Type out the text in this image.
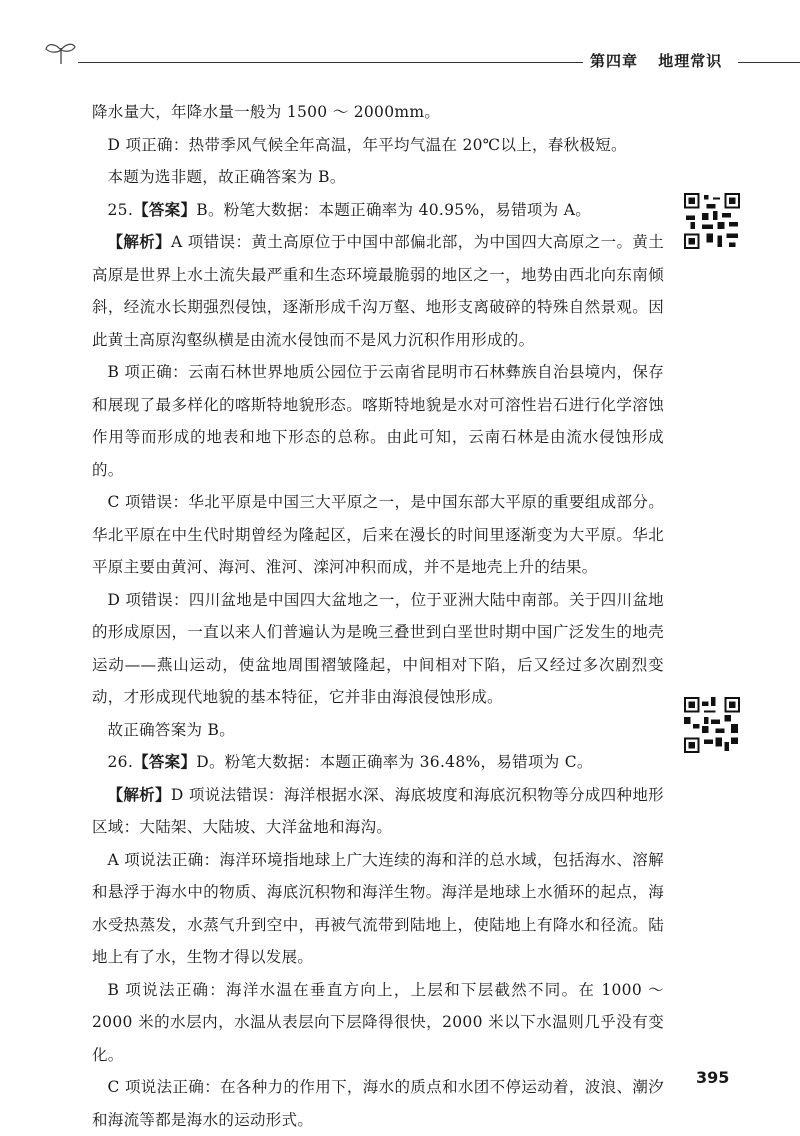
第四章 地理常识

降水量大，年降水量一般为 1500 ～ 2000mm。

D 项正确：热带季风气候全年高温，年平均气温在 20℃以上，春秋极短。

本题为选非题，故正确答案为 B。

25.【答案】B。粉笔大数据：本题正确率为 40.95%，易错项为 A。

【解析】A 项错误：黄土高原位于中国中部偏北部，为中国四大高原之一。黄土高原是世界上水土流失最严重和生态环境最脆弱的地区之一，地势由西北向东南倾斜，经流水长期强烈侵蚀，逐渐形成千沟万壑、地形支离破碎的特殊自然景观。因此黄土高原沟壑纵横是由流水侵蚀而不是风力沉积作用形成的。

B 项正确：云南石林世界地质公园位于云南省昆明市石林彝族自治县境内，保存和展现了最多样化的喀斯特地貌形态。喀斯特地貌是水对可溶性岩石进行化学溶蚀作用等而形成的地表和地下形态的总称。由此可知，云南石林是由流水侵蚀形成的。

C 项错误：华北平原是中国三大平原之一，是中国东部大平原的重要组成部分。华北平原在中生代时期曾经为隆起区，后来在漫长的时间里逐渐变为大平原。华北平原主要由黄河、海河、淮河、滦河冲积而成，并不是地壳上升的结果。

D 项错误：四川盆地是中国四大盆地之一，位于亚洲大陆中南部。关于四川盆地的形成原因，一直以来人们普遍认为是晚三叠世到白垩世时期中国广泛发生的地壳运动——燕山运动，使盆地周围褶皱隆起，中间相对下陷，后又经过多次剧烈变动，才形成现代地貌的基本特征，它并非由海浪侵蚀形成。

故正确答案为 B。

26.【答案】D。粉笔大数据：本题正确率为 36.48%，易错项为 C。

【解析】D 项说法错误：海洋根据水深、海底坡度和海底沉积物等分成四种地形区域：大陆架、大陆坡、大洋盆地和海沟。

A 项说法正确：海洋环境指地球上广大连续的海和洋的总水域，包括海水、溶解和悬浮于海水中的物质、海底沉积物和海洋生物。海洋是地球上水循环的起点，海水受热蒸发，水蒸气升到空中，再被气流带到陆地上，使陆地上有降水和径流。陆地上有了水，生物才得以发展。

B 项说法正确：海洋水温在垂直方向上，上层和下层截然不同。在 1000 ～ 2000 米的水层内，水温从表层向下层降得很快，2000 米以下水温则几乎没有变化。

C 项说法正确：在各种力的作用下，海水的质点和水团不停运动着，波浪、潮汐和海流等都是海水的运动形式。

395
